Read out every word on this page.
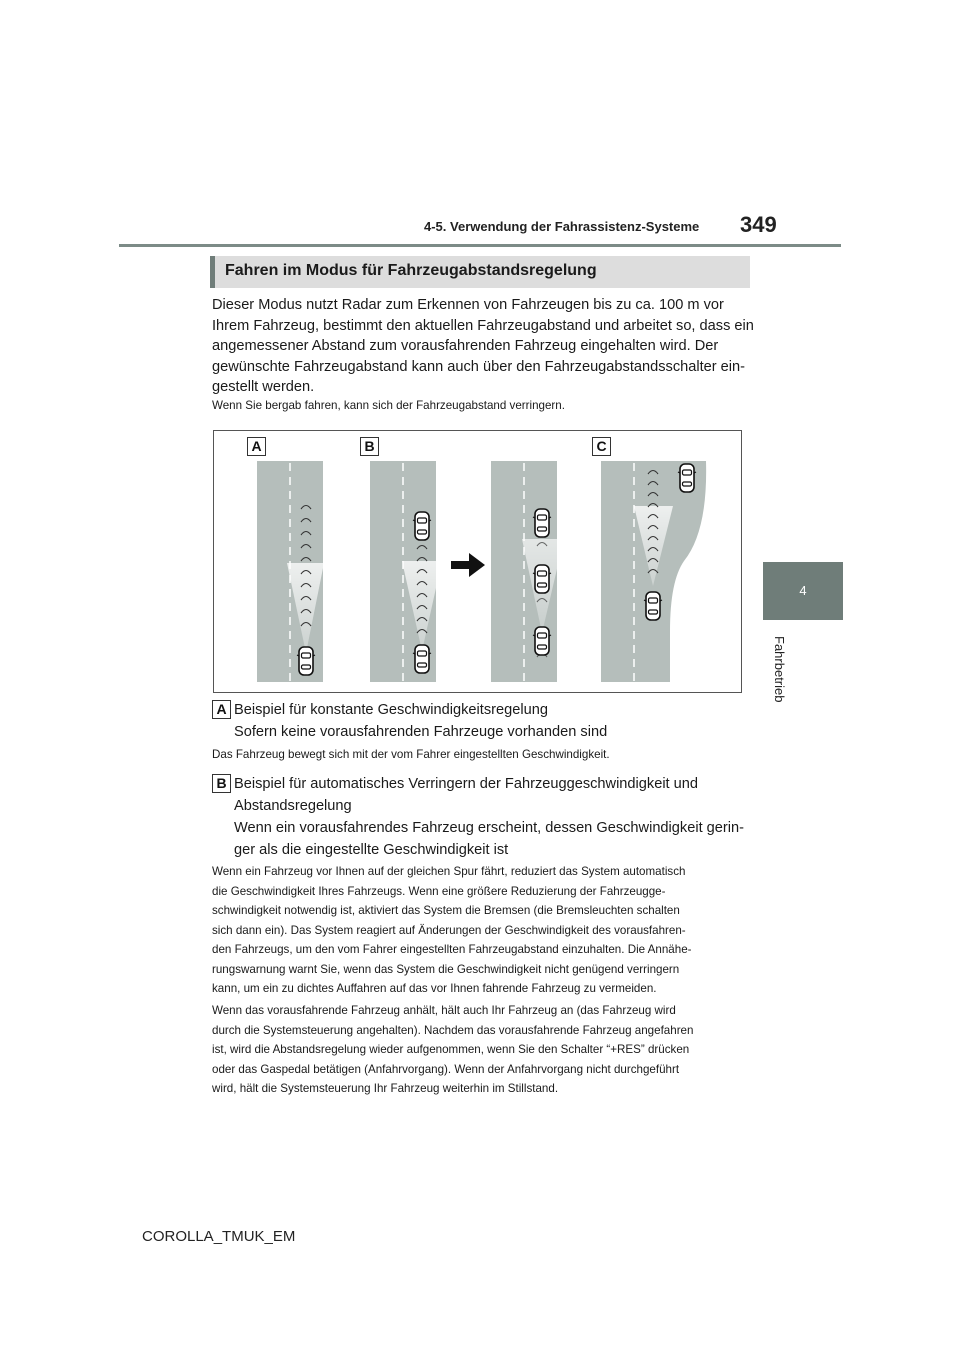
4-5. Verwendung der Fahrassistenz-Systeme 349
4
Fahrbetrieb
Fahren im Modus für Fahrzeugabstandsregelung
Dieser Modus nutzt Radar zum Erkennen von Fahrzeugen bis zu ca. 100 m vor
Ihrem Fahrzeug, bestimmt den aktuellen Fahrzeugabstand und arbeitet so, dass ein
angemessener Abstand zum vorausfahrenden Fahrzeug eingehalten wird. Der
gewünschte Fahrzeugabstand kann auch über den Fahrzeugabstandsschalter ein-
gestellt werden.
Wenn Sie bergab fahren, kann sich der Fahrzeugabstand verringern.
A	B	C
A Beispiel für konstante Geschwindigkeitsregelung
Sofern keine vorausfahrenden Fahrzeuge vorhanden sind
Das Fahrzeug bewegt sich mit der vom Fahrer eingestellten Geschwindigkeit.
B Beispiel für automatisches Verringern der Fahrzeuggeschwindigkeit und
Abstandsregelung
Wenn ein vorausfahrendes Fahrzeug erscheint, dessen Geschwindigkeit gerin-
ger als die eingestellte Geschwindigkeit ist
Wenn ein Fahrzeug vor Ihnen auf der gleichen Spur fährt, reduziert das System automatisch
die Geschwindigkeit Ihres Fahrzeugs. Wenn eine größere Reduzierung der Fahrzeugge-
schwindigkeit notwendig ist, aktiviert das System die Bremsen (die Bremsleuchten schalten
sich dann ein). Das System reagiert auf Änderungen der Geschwindigkeit des vorausfahren-
den Fahrzeugs, um den vom Fahrer eingestellten Fahrzeugabstand einzuhalten. Die Annähe-
rungswarnung warnt Sie, wenn das System die Geschwindigkeit nicht genügend verringern
kann, um ein zu dichtes Auffahren auf das vor Ihnen fahrende Fahrzeug zu vermeiden.
Wenn das vorausfahrende Fahrzeug anhält, hält auch Ihr Fahrzeug an (das Fahrzeug wird
durch die Systemsteuerung angehalten). Nachdem das vorausfahrende Fahrzeug angefahren
ist, wird die Abstandsregelung wieder aufgenommen, wenn Sie den Schalter “+RES” drücken
oder das Gaspedal betätigen (Anfahrvorgang). Wenn der Anfahrvorgang nicht durchgeführt
wird, hält die Systemsteuerung Ihr Fahrzeug weiterhin im Stillstand.
COROLLA_TMUK_EM
